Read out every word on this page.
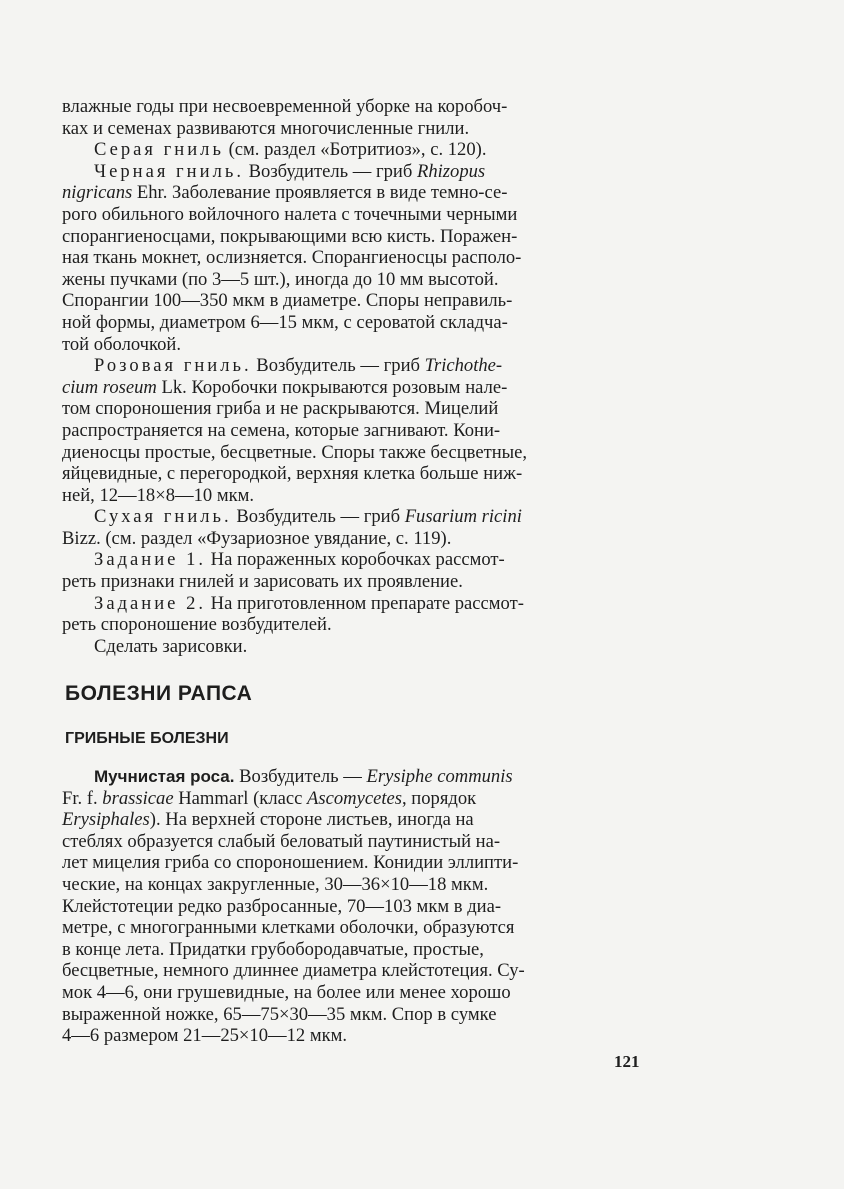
влажные годы при несвоевременной уборке на коробоч-
ках и семенах развиваются многочисленные гнили.
Серая гниль (см. раздел «Ботритиоз», с. 120).
Черная гниль. Возбудитель — гриб Rhizopus
nigricans Ehr. Заболевание проявляется в виде темно-се-
рого обильного войлочного налета с точечными черными
спорангиеносцами, покрывающими всю кисть. Поражен-
ная ткань мокнет, ослизняется. Спорангиеносцы располо-
жены пучками (по 3—5 шт.), иногда до 10 мм высотой.
Спорангии 100—350 мкм в диаметре. Споры неправиль-
ной формы, диаметром 6—15 мкм, с сероватой складча-
той оболочкой.
Розовая гниль. Возбудитель — гриб Trichothe-
cium roseum Lk. Коробочки покрываются розовым нале-
том спороношения гриба и не раскрываются. Мицелий
распространяется на семена, которые загнивают. Кони-
диеносцы простые, бесцветные. Споры также бесцветные,
яйцевидные, с перегородкой, верхняя клетка больше ниж-
ней, 12—18×8—10 мкм.
Сухая гниль. Возбудитель — гриб Fusarium ricini
Bizz. (см. раздел «Фузариозное увядание, с. 119).
Задание 1. На пораженных коробочках рассмот-
реть признаки гнилей и зарисовать их проявление.
Задание 2. На приготовленном препарате рассмот-
реть спороношение возбудителей.
Сделать зарисовки.
БОЛЕЗНИ РАПСА
ГРИБНЫЕ БОЛЕЗНИ
Мучнистая роса. Возбудитель — Erysiphe communis
Fr. f. brassicae Hammarl (класс Ascomycetes, порядок
Erysiphales). На верхней стороне листьев, иногда на
стеблях образуется слабый беловатый паутинистый на-
лет мицелия гриба со спороношением. Конидии эллипти-
ческие, на концах закругленные, 30—36×10—18 мкм.
Клейстотеции редко разбросанные, 70—103 мкм в диа-
метре, с многогранными клетками оболочки, образуются
в конце лета. Придатки грубобородавчатые, простые,
бесцветные, немного длиннее диаметра клейстотеция. Су-
мок 4—6, они грушевидные, на более или менее хорошо
выраженной ножке, 65—75×30—35 мкм. Спор в сумке
4—6 размером 21—25×10—12 мкм.
121
